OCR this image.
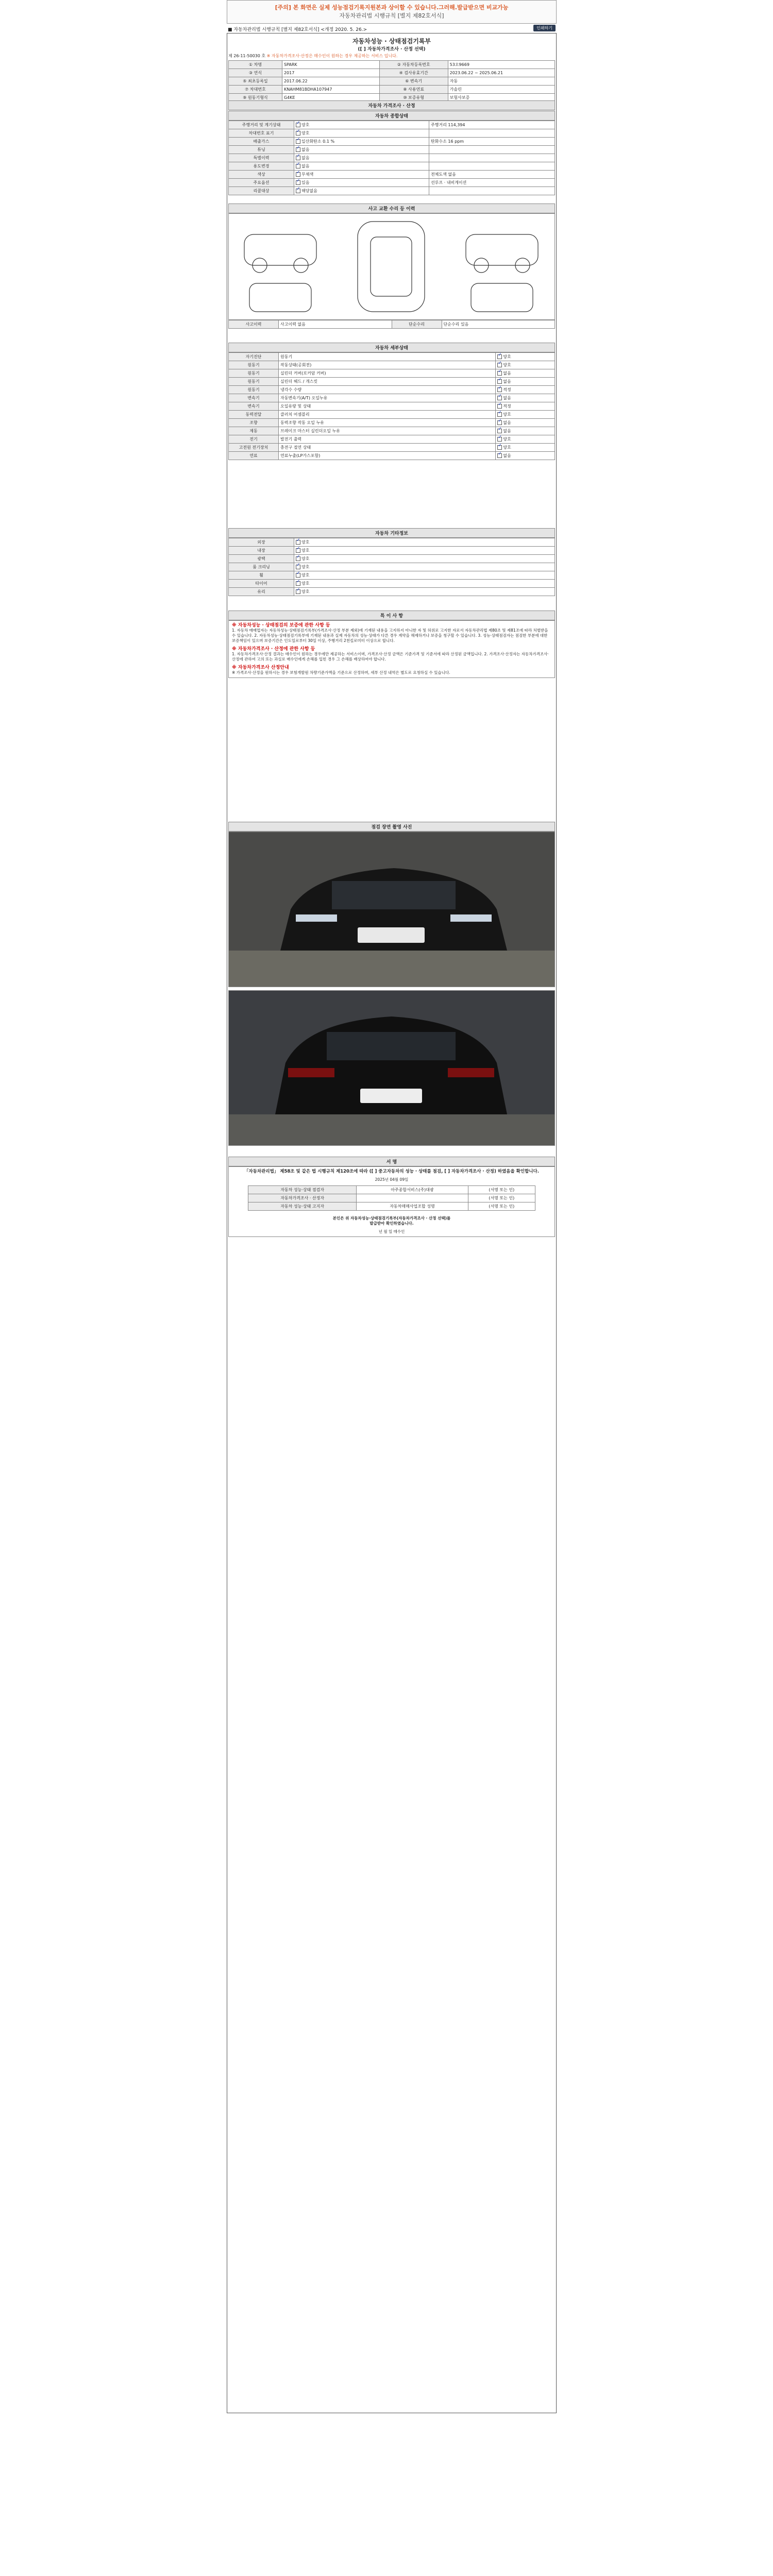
[주의] 본 화면은 실제 성능점검기록지원본과 상이할 수 있습니다.그러해.발급받으면 비교가능
자동차관리법 시행규칙 [별지 제82호서식]
■ 자동차관리법 시행규칙 [별지 제82호서식] <개정 2020. 5. 26.>	인쇄하기
자동차성능 · 상태점검기록부
([ ] 자동차가격조사 · 산정 선택)
제 26-11-50030 호 ※ 자동차가격조사·산정은 매수인이 원하는 경우 제공하는 서비스 입니다.
① 차명	SPARK	② 자동차등록번호	53오9669
③ 연식	2017	④ 검사유효기간	2023.06.22 ~ 2025.06.21
⑤ 최초등록일	2017.06.22	⑥ 변속기	자동
⑦ 차대번호	KNAHM81BDHA107947	⑧ 사용연료	가솔린
⑨ 원동기형식	G4KE	⑩ 보증유형	보험사보증
자동차 가격조사 · 산정
자동차 종합상태
주행거리 및 계기상태	✓양호	주행거리 114,394
차대번호 표기	✓양호	
배출가스	✓일산화탄소 0.1 %	탄화수소 16 ppm
튜닝	✓없음	
특별이력	✓없음	
용도변경	✓없음	
색상	✓무채색	전체도색 없음
주요옵션	✓있음	선루프 · 내비게이션
리콜대상	✓해당없음	
사고 교환 수리 등 이력
사고이력	사고이력 없음	단순수리	단순수리 있음
자동차 세부상태
자기진단	원동기	✓양호
원동기	작동상태(공회전)	✓양호
원동기	실린더 커버(로커암 커버)	✓없음
원동기	실린더 헤드 / 개스킷	✓없음
원동기	냉각수 수량	✓적정
변속기	자동변속기(A/T) 오일누유	✓없음
변속기	오일유량 및 상태	✓적정
동력전달	클러치 어셈블리	✓양호
조향	동력조향 작동 오일 누유	✓없음
제동	브레이크 마스터 실린더오일 누유	✓없음
전기	발전기 출력	✓양호
고전원 전기장치	충전구 절연 상태	✓양호
연료	연료누출(LP가스포함)	✓없음
자동차 기타정보
외장	✓양호
내장	✓양호
광택	✓양호
룸 크리닝	✓양호
휠	✓양호
타이어	✓양호
유리	✓양호
특 이 사 항
※ 자동차성능 · 상태점검의 보증에 관한 사항 등
1. 자동차 매매업자는 자동차성능·상태점검기록부(가격조사·산정 부분 제외)에 기재된 내용을 고지하지 아니한 자 및 허위로 고지한 자로서 자동차관리법 제80조 및 제81조에 따라 처벌받을 수 있습니다. 2. 자동차성능·상태점검기록부에 기재된 내용과 실제 자동차의 성능·상태가 다른 경우 계약을 해제하거나 보증을 청구할 수 있습니다. 3. 성능·상태점검자는 점검한 부분에 대한 보증책임이 있으며 보증기간은 인도일로부터 30일 이상, 주행거리 2천킬로미터 이상으로 합니다.
※ 자동차가격조사 · 산정에 관한 사항 등
1. 자동차가격조사·산정 결과는 매수인이 원하는 경우에만 제공하는 서비스이며, 가격조사·산정 금액은 기준가격 및 기준서에 따라 산정된 금액입니다. 2. 가격조사·산정자는 자동차가격조사·산정에 관하여 고의 또는 과실로 매수인에게 손해를 입힌 경우 그 손해를 배상하여야 합니다.
※ 자동차가격조사 산정안내
※ 가격조사·산정을 원하시는 경우 보험개발원 차량기준가액을 기준으로 산정하며, 세부 산정 내역은 별도로 요청하실 수 있습니다.
점검 장면 촬영 사진
서 명
「자동차관리법」 제58조 및 같은 법 시행규칙 제120조에 따라 ([ ] 중고자동차의 성능 · 상태를 점검, [ ] 자동차가격조사 · 산정) 하였음을 확인합니다.
2025년 04월 09일
자동차 성능·상태 점검자	아주종합서비스(주)대광	(서명 또는 인)
자동차가격조사 · 산정자		(서명 또는 인)
자동차 성능·상태 고지자	자동차매매사업조합 성명	(서명 또는 인)
본인은 위 자동차성능·상태점검기록부(자동차가격조사 · 산정 선택)를
발급받아 확인하였습니다.
년 월 일 매수인
